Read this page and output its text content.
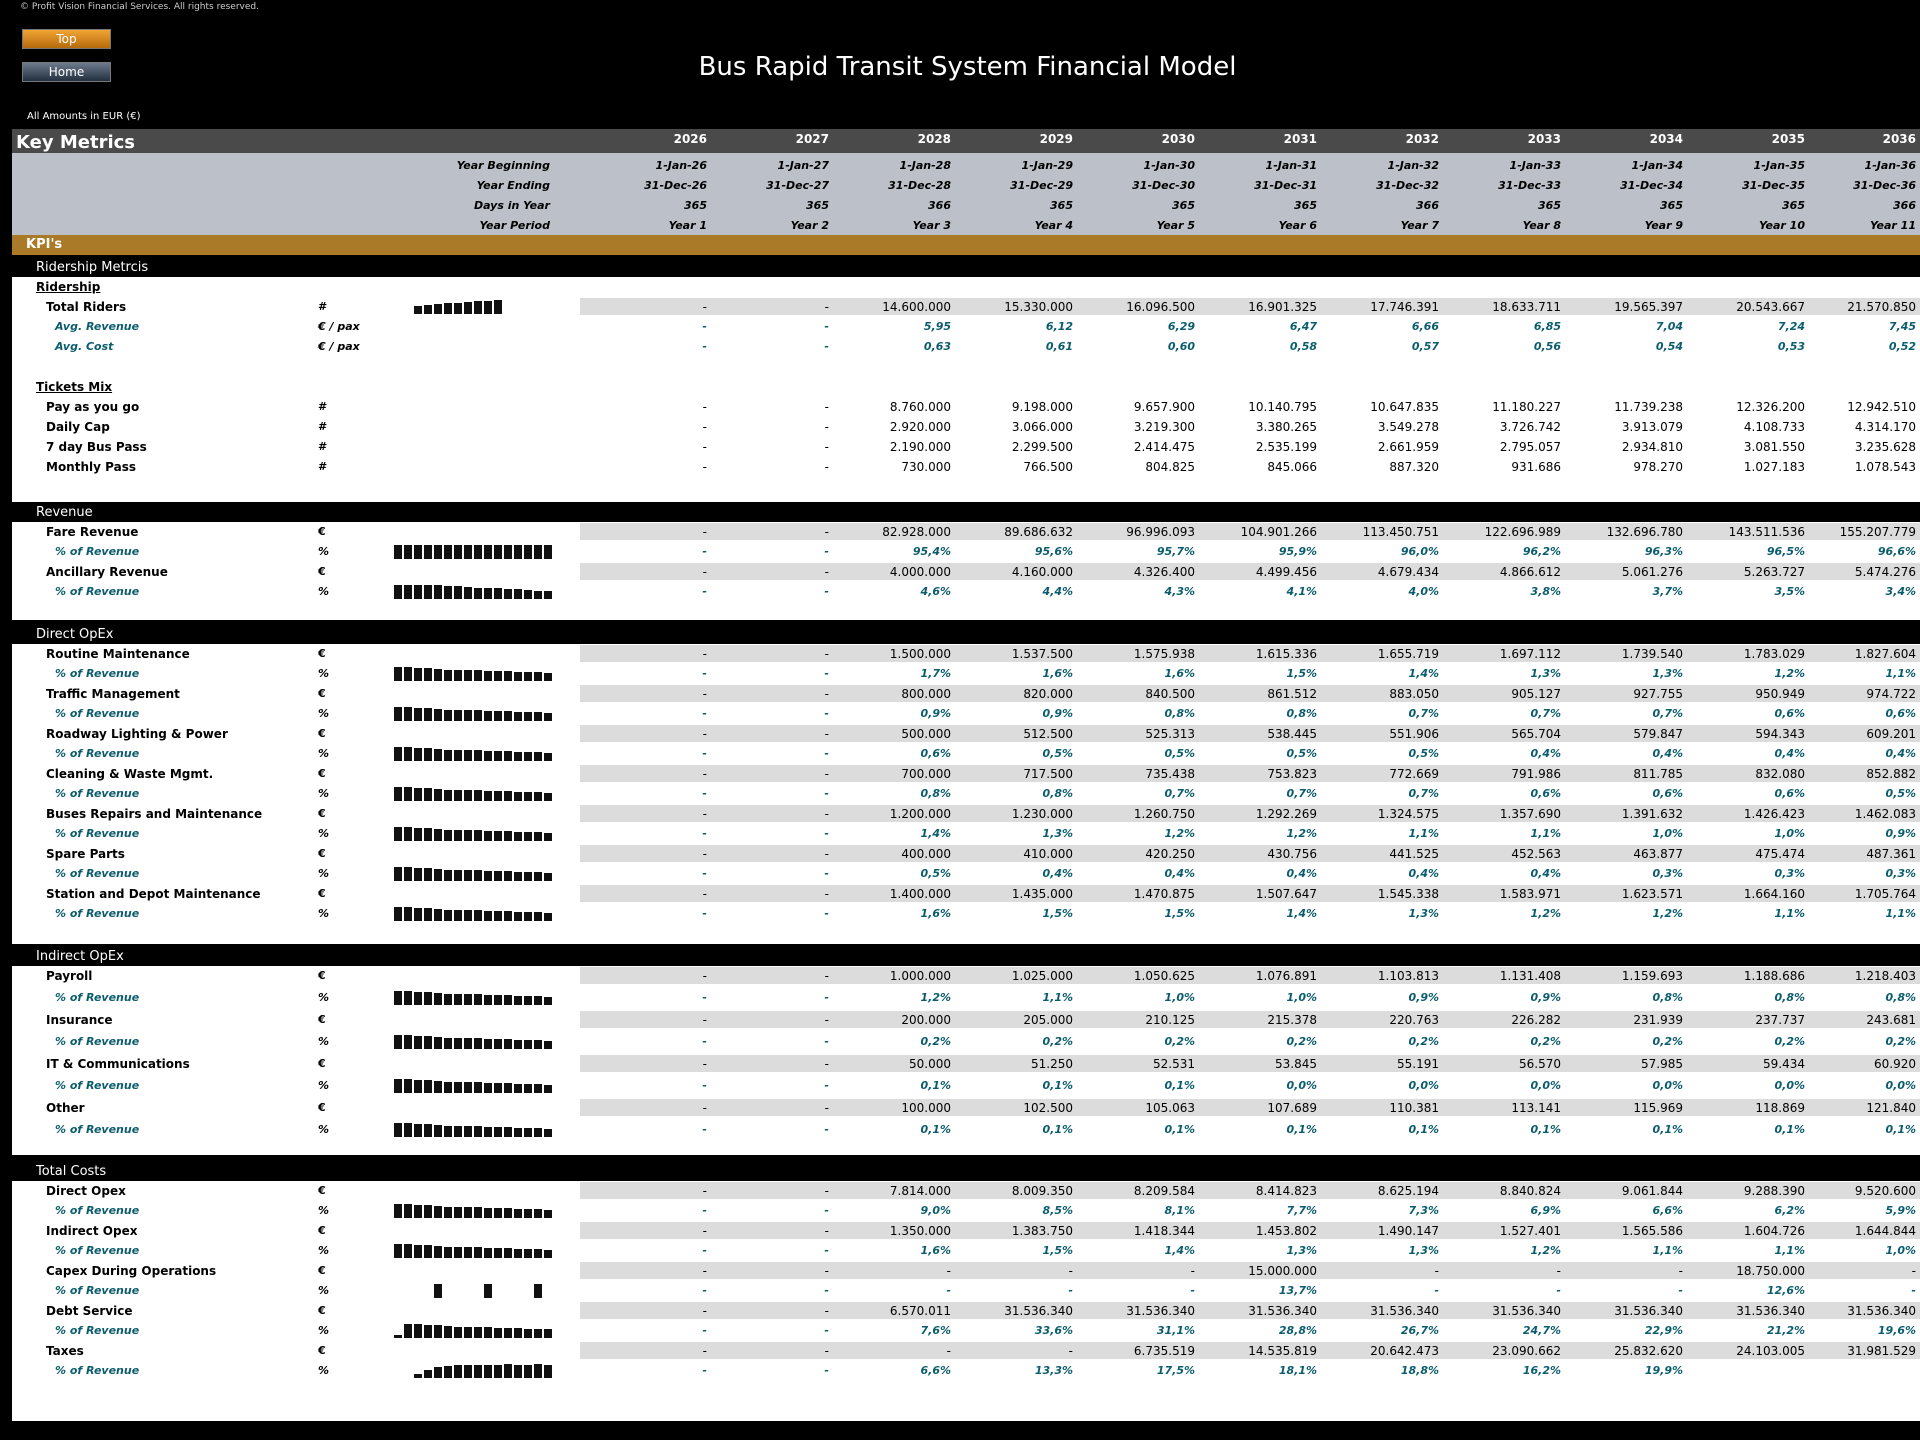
© Profit Vision Financial Services. All rights reserved.
Top
Home	Bus Rapid Transit System Financial Model
All Amounts in EUR (€)
Key Metrics	2026	2027	2028	2029	2030	2031	2032	2033	2034	2035	2036
Year Beginning	1-Jan-26	1-Jan-27	1-Jan-28	1-Jan-29	1-Jan-30	1-Jan-31	1-Jan-32	1-Jan-33	1-Jan-34	1-Jan-35	1-Jan-36
Year Ending	31-Dec-26	31-Dec-27	31-Dec-28	31-Dec-29	31-Dec-30	31-Dec-31	31-Dec-32	31-Dec-33	31-Dec-34	31-Dec-35	31-Dec-36
Days in Year	365	365	366	365	365	365	366	365	365	365	366
Year Period	Year 1	Year 2	Year 3	Year 4	Year 5	Year 6	Year 7	Year 8	Year 9	Year 10	Year 11
KPI's
Ridership Metrcis
Ridership
Total Riders	#	-	-	14.600.000	15.330.000	16.096.500	16.901.325	17.746.391	18.633.711	19.565.397	20.543.667	21.570.850
Avg. Revenue	€ / pax	-	-	5,95	6,12	6,29	6,47	6,66	6,85	7,04	7,24	7,45
Avg. Cost	€ / pax	-	-	0,63	0,61	0,60	0,58	0,57	0,56	0,54	0,53	0,52
Tickets Mix
Pay as you go	#	-	-	8.760.000	9.198.000	9.657.900	10.140.795	10.647.835	11.180.227	11.739.238	12.326.200	12.942.510
Daily Cap	#	-	-	2.920.000	3.066.000	3.219.300	3.380.265	3.549.278	3.726.742	3.913.079	4.108.733	4.314.170
7 day Bus Pass	#	-	-	2.190.000	2.299.500	2.414.475	2.535.199	2.661.959	2.795.057	2.934.810	3.081.550	3.235.628
Monthly Pass	#	-	-	730.000	766.500	804.825	845.066	887.320	931.686	978.270	1.027.183	1.078.543
Revenue
Fare Revenue	€	-	-	82.928.000	89.686.632	96.996.093	104.901.266	113.450.751	122.696.989	132.696.780	143.511.536	155.207.779
% of Revenue	%	-	-	95,4%	95,6%	95,7%	95,9%	96,0%	96,2%	96,3%	96,5%	96,6%
Ancillary Revenue	€	-	-	4.000.000	4.160.000	4.326.400	4.499.456	4.679.434	4.866.612	5.061.276	5.263.727	5.474.276
% of Revenue	%	-	-	4,6%	4,4%	4,3%	4,1%	4,0%	3,8%	3,7%	3,5%	3,4%
Direct OpEx
Routine Maintenance	€	-	-	1.500.000	1.537.500	1.575.938	1.615.336	1.655.719	1.697.112	1.739.540	1.783.029	1.827.604
% of Revenue	%	-	-	1,7%	1,6%	1,6%	1,5%	1,4%	1,3%	1,3%	1,2%	1,1%
Traffic Management	€	-	-	800.000	820.000	840.500	861.512	883.050	905.127	927.755	950.949	974.722
% of Revenue	%	-	-	0,9%	0,9%	0,8%	0,8%	0,7%	0,7%	0,7%	0,6%	0,6%
Roadway Lighting & Power	€	-	-	500.000	512.500	525.313	538.445	551.906	565.704	579.847	594.343	609.201
% of Revenue	%	-	-	0,6%	0,5%	0,5%	0,5%	0,5%	0,4%	0,4%	0,4%	0,4%
Cleaning & Waste Mgmt.	€	-	-	700.000	717.500	735.438	753.823	772.669	791.986	811.785	832.080	852.882
% of Revenue	%	-	-	0,8%	0,8%	0,7%	0,7%	0,7%	0,6%	0,6%	0,6%	0,5%
Buses Repairs and Maintenance	€	-	-	1.200.000	1.230.000	1.260.750	1.292.269	1.324.575	1.357.690	1.391.632	1.426.423	1.462.083
% of Revenue	%	-	-	1,4%	1,3%	1,2%	1,2%	1,1%	1,1%	1,0%	1,0%	0,9%
Spare Parts	€	-	-	400.000	410.000	420.250	430.756	441.525	452.563	463.877	475.474	487.361
% of Revenue	%	-	-	0,5%	0,4%	0,4%	0,4%	0,4%	0,4%	0,3%	0,3%	0,3%
Station and Depot Maintenance	€	-	-	1.400.000	1.435.000	1.470.875	1.507.647	1.545.338	1.583.971	1.623.571	1.664.160	1.705.764
% of Revenue	%	-	-	1,6%	1,5%	1,5%	1,4%	1,3%	1,2%	1,2%	1,1%	1,1%
Indirect OpEx
Payroll	€	-	-	1.000.000	1.025.000	1.050.625	1.076.891	1.103.813	1.131.408	1.159.693	1.188.686	1.218.403
% of Revenue	%	-	-	1,2%	1,1%	1,0%	1,0%	0,9%	0,9%	0,8%	0,8%	0,8%
Insurance	€	-	-	200.000	205.000	210.125	215.378	220.763	226.282	231.939	237.737	243.681
% of Revenue	%	-	-	0,2%	0,2%	0,2%	0,2%	0,2%	0,2%	0,2%	0,2%	0,2%
IT & Communications	€	-	-	50.000	51.250	52.531	53.845	55.191	56.570	57.985	59.434	60.920
% of Revenue	%	-	-	0,1%	0,1%	0,1%	0,0%	0,0%	0,0%	0,0%	0,0%	0,0%
Other	€	-	-	100.000	102.500	105.063	107.689	110.381	113.141	115.969	118.869	121.840
% of Revenue	%	-	-	0,1%	0,1%	0,1%	0,1%	0,1%	0,1%	0,1%	0,1%	0,1%
Total Costs
Direct Opex	€	-	-	7.814.000	8.009.350	8.209.584	8.414.823	8.625.194	8.840.824	9.061.844	9.288.390	9.520.600
% of Revenue	%	-	-	9,0%	8,5%	8,1%	7,7%	7,3%	6,9%	6,6%	6,2%	5,9%
Indirect Opex	€	-	-	1.350.000	1.383.750	1.418.344	1.453.802	1.490.147	1.527.401	1.565.586	1.604.726	1.644.844
% of Revenue	%	-	-	1,6%	1,5%	1,4%	1,3%	1,3%	1,2%	1,1%	1,1%	1,0%
Capex During Operations	€	-	-	-	-	-	15.000.000	-	-	-	18.750.000	-
% of Revenue	%	-	-	-	-	-	13,7%	-	-	-	12,6%	-
Debt Service	€	-	-	6.570.011	31.536.340	31.536.340	31.536.340	31.536.340	31.536.340	31.536.340	31.536.340	31.536.340
% of Revenue	%	-	-	7,6%	33,6%	31,1%	28,8%	26,7%	24,7%	22,9%	21,2%	19,6%
Taxes	€	-	-	-	-	6.735.519	14.535.819	20.642.473	23.090.662	25.832.620	24.103.005	31.981.529
% of Revenue	%	-	-	6,6%	13,3%	17,5%	18,1%	18,8%	16,2%	19,9%
